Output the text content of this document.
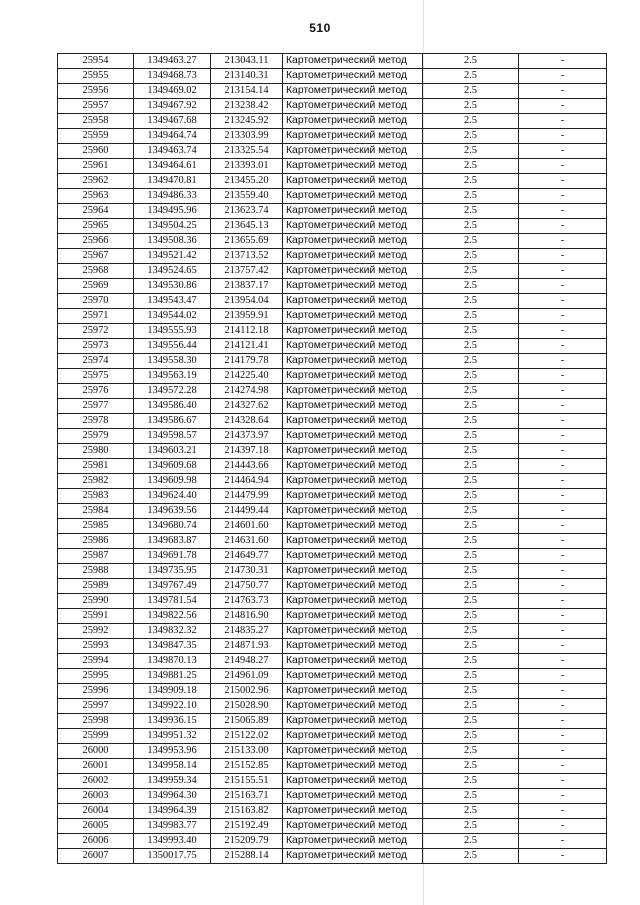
510
25954	1349463.27	213043.11	Картометрический метод	2.5	-
25955	1349468.73	213140.31	Картометрический метод	2.5	-
25956	1349469.02	213154.14	Картометрический метод	2.5	-
25957	1349467.92	213238.42	Картометрический метод	2.5	-
25958	1349467.68	213245.92	Картометрический метод	2.5	-
25959	1349464.74	213303.99	Картометрический метод	2.5	-
25960	1349463.74	213325.54	Картометрический метод	2.5	-
25961	1349464.61	213393.01	Картометрический метод	2.5	-
25962	1349470.81	213455.20	Картометрический метод	2.5	-
25963	1349486.33	213559.40	Картометрический метод	2.5	-
25964	1349495.96	213623.74	Картометрический метод	2.5	-
25965	1349504.25	213645.13	Картометрический метод	2.5	-
25966	1349508.36	213655.69	Картометрический метод	2.5	-
25967	1349521.42	213713.52	Картометрический метод	2.5	-
25968	1349524.65	213757.42	Картометрический метод	2.5	-
25969	1349530.86	213837.17	Картометрический метод	2.5	-
25970	1349543.47	213954.04	Картометрический метод	2.5	-
25971	1349544.02	213959.91	Картометрический метод	2.5	-
25972	1349555.93	214112.18	Картометрический метод	2.5	-
25973	1349556.44	214121.41	Картометрический метод	2.5	-
25974	1349558.30	214179.78	Картометрический метод	2.5	-
25975	1349563.19	214225.40	Картометрический метод	2.5	-
25976	1349572.28	214274.98	Картометрический метод	2.5	-
25977	1349586.40	214327.62	Картометрический метод	2.5	-
25978	1349586.67	214328.64	Картометрический метод	2.5	-
25979	1349598.57	214373.97	Картометрический метод	2.5	-
25980	1349603.21	214397.18	Картометрический метод	2.5	-
25981	1349609.68	214443.66	Картометрический метод	2.5	-
25982	1349609.98	214464.94	Картометрический метод	2.5	-
25983	1349624.40	214479.99	Картометрический метод	2.5	-
25984	1349639.56	214499.44	Картометрический метод	2.5	-
25985	1349680.74	214601.60	Картометрический метод	2.5	-
25986	1349683.87	214631.60	Картометрический метод	2.5	-
25987	1349691.78	214649.77	Картометрический метод	2.5	-
25988	1349735.95	214730.31	Картометрический метод	2.5	-
25989	1349767.49	214750.77	Картометрический метод	2.5	-
25990	1349781.54	214763.73	Картометрический метод	2.5	-
25991	1349822.56	214816.90	Картометрический метод	2.5	-
25992	1349832.32	214835.27	Картометрический метод	2.5	-
25993	1349847.35	214871.93	Картометрический метод	2.5	-
25994	1349870.13	214948.27	Картометрический метод	2.5	-
25995	1349881.25	214961.09	Картометрический метод	2.5	-
25996	1349909.18	215002.96	Картометрический метод	2.5	-
25997	1349922.10	215028.90	Картометрический метод	2.5	-
25998	1349936.15	215065.89	Картометрический метод	2.5	-
25999	1349951.32	215122.02	Картометрический метод	2.5	-
26000	1349953.96	215133.00	Картометрический метод	2.5	-
26001	1349958.14	215152.85	Картометрический метод	2.5	-
26002	1349959.34	215155.51	Картометрический метод	2.5	-
26003	1349964.30	215163.71	Картометрический метод	2.5	-
26004	1349964.39	215163.82	Картометрический метод	2.5	-
26005	1349983.77	215192.49	Картометрический метод	2.5	-
26006	1349993.40	215209.79	Картометрический метод	2.5	-
26007	1350017.75	215288.14	Картометрический метод	2.5	-
